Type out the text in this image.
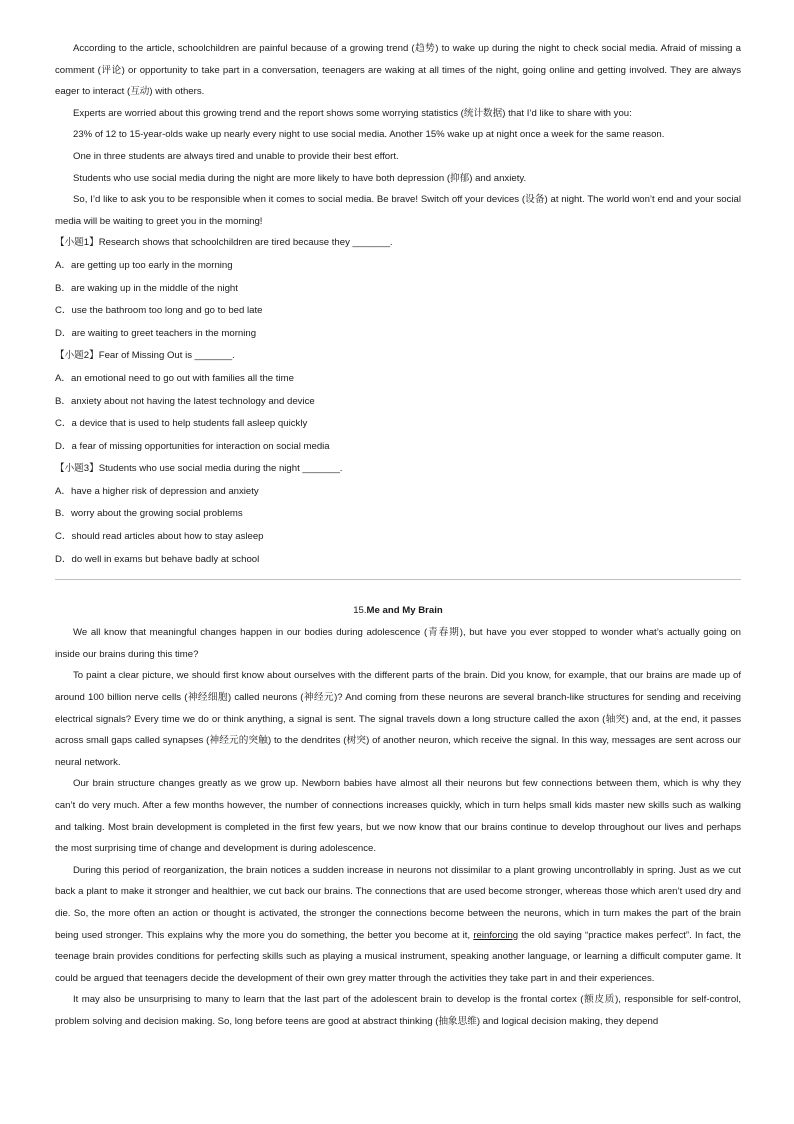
According to the article, schoolchildren are painful because of a growing trend (趋势) to wake up during the night to check social media. Afraid of missing a comment (评论) or opportunity to take part in a conversation, teenagers are waking at all times of the night, going online and getting involved. They are always eager to interact (互动) with others.

Experts are worried about this growing trend and the report shows some worrying statistics (统计数据) that I’d like to share with you:

23% of 12 to 15-year-olds wake up nearly every night to use social media. Another 15% wake up at night once a week for the same reason.

One in three students are always tired and unable to provide their best effort.

Students who use social media during the night are more likely to have both depression (抑郁) and anxiety.

So, I’d like to ask you to be responsible when it comes to social media. Be brave! Switch off your devices (设备) at night. The world won’t end and your social media will be waiting to greet you in the morning!

【小题1】Research shows that schoolchildren are tired because they _______.

A．are getting up too early in the morning

B．are waking up in the middle of the night

C．use the bathroom too long and go to bed late

D．are waiting to greet teachers in the morning

【小题2】Fear of Missing Out is _______.

A．an emotional need to go out with families all the time

B．anxiety about not having the latest technology and device

C．a device that is used to help students fall asleep quickly

D．a fear of missing opportunities for interaction on social media

【小题3】Students who use social media during the night _______.

A．have a higher risk of depression and anxiety

B．worry about the growing social problems

C．should read articles about how to stay asleep

D．do well in exams but behave badly at school

15.Me and My Brain

We all know that meaningful changes happen in our bodies during adolescence (青春期), but have you ever stopped to wonder what’s actually going on inside our brains during this time?

To paint a clear picture, we should first know about ourselves with the different parts of the brain. Did you know, for example, that our brains are made up of around 100 billion nerve cells (神经细胞) called neurons (神经元)? And coming from these neurons are several branch-like structures for sending and receiving electrical signals? Every time we do or think anything, a signal is sent. The signal travels down a long structure called the axon (轴突) and, at the end, it passes across small gaps called synapses (神经元的突触) to the dendrites (树突) of another neuron, which receive the signal. In this way, messages are sent across our neural network.

Our brain structure changes greatly as we grow up. Newborn babies have almost all their neurons but few connections between them, which is why they can’t do very much. After a few months however, the number of connections increases quickly, which in turn helps small kids master new skills such as walking and talking. Most brain development is completed in the first few years, but we now know that our brains continue to develop throughout our lives and perhaps the most surprising time of change and development is during adolescence.

During this period of reorganization, the brain notices a sudden increase in neurons not dissimilar to a plant growing uncontrollably in spring. Just as we cut back a plant to make it stronger and healthier, we cut back our brains. The connections that are used become stronger, whereas those which aren’t used dry and die. So, the more often an action or thought is activated, the stronger the connections become between the neurons, which in turn makes the part of the brain being used stronger. This explains why the more you do something, the better you become at it, reinforcing the old saying “practice makes perfect”. In fact, the teenage brain provides conditions for perfecting skills such as playing a musical instrument, speaking another language, or learning a difficult computer game. It could be argued that teenagers decide the development of their own grey matter through the activities they take part in and their experiences.

It may also be unsurprising to many to learn that the last part of the adolescent brain to develop is the frontal cortex (额皮质), responsible for self-control, problem solving and decision making. So, long before teens are good at abstract thinking (抽象思维) and logical decision making, they depend
